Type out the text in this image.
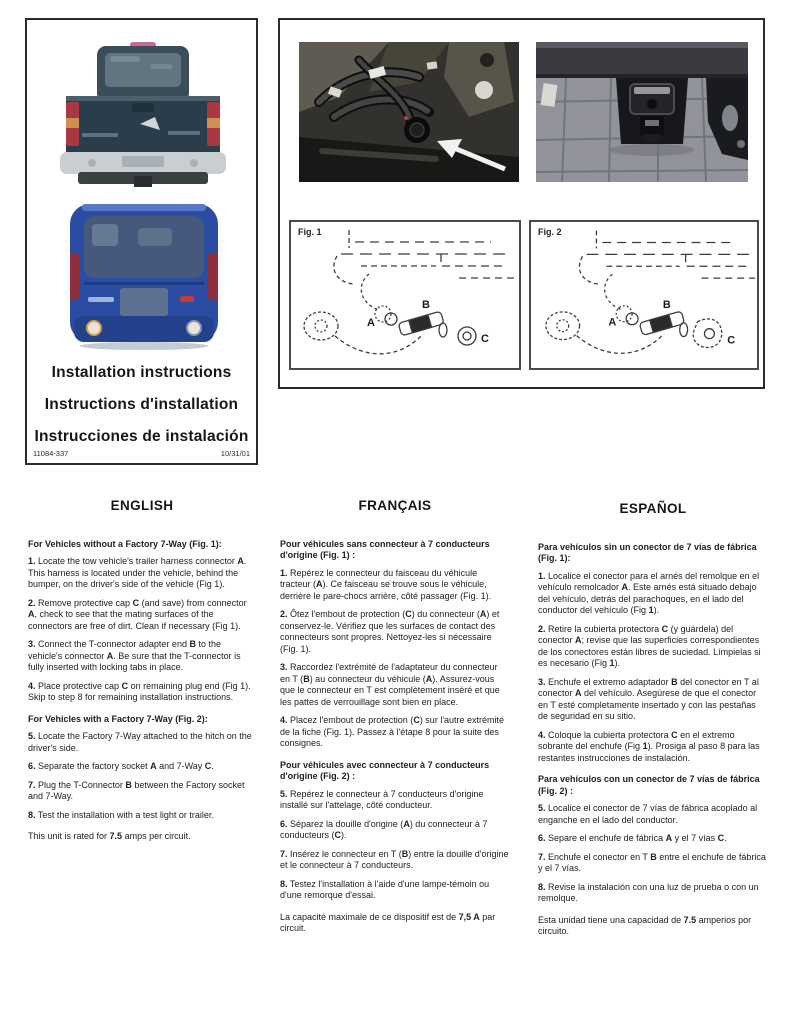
Installation instructions
Instructions d'installation
Instrucciones de instalación
11084-337	10/31/01
Fig. 1
A
B
C
Fig. 2
A
B
C
ENGLISH

For Vehicles without a Factory 7-Way (Fig. 1):

1. Locate the tow vehicle's trailer harness connector A. This harness is located under the vehicle, behind the bumper, on the driver's side of the vehicle (Fig 1).

2. Remove protective cap C (and save) from connector A, check to see that the mating surfaces of the connectors are free of dirt. Clean if necessary (Fig 1).

3. Connect the T-connector adapter end B to the vehicle's connector A. Be sure that the T-connector is fully inserted with locking tabs in place.

4. Place protective cap C on remaining plug end (Fig 1). Skip to step 8 for remaining installation instructions.

For Vehicles with a Factory 7-Way (Fig. 2):

5. Locate the Factory 7-Way attached to the hitch on the driver's side.

6. Separate the factory socket A and 7-Way C.

7. Plug the T-Connector B between the Factory socket and 7-Way.

8. Test the installation with a test light or trailer.

This unit is rated for 7.5 amps per circuit.

FRANÇAIS

Pour véhicules sans connecteur à 7 conducteurs d'origine (Fig. 1) :

1. Repérez le connecteur du faisceau du véhicule tracteur (A). Ce faisceau se trouve sous le véhicule, derrière le pare-chocs arrière, côté passager (Fig. 1).

2. Ôtez l'embout de protection (C) du connecteur (A) et conservez-le. Vérifiez que les surfaces de contact des connecteurs sont propres. Nettoyez-les si nécessaire (Fig. 1).

3. Raccordez l'extrémité de l'adaptateur du connecteur en T (B) au connecteur du véhicule (A). Assurez-vous que le connecteur en T est complètement inséré et que les pattes de verrouillage sont bien en place.

4. Placez l'embout de protection (C) sur l'autre extrémité de la fiche (Fig. 1). Passez à l'étape 8 pour la suite des consignes.

Pour véhicules avec connecteur à 7 conducteurs d'origine (Fig. 2) :

5. Repérez le connecteur à 7 conducteurs d'origine installé sur l'attelage, côté conducteur.

6. Séparez la douille d'origine (A) du connecteur à 7 conducteurs (C).

7. Insérez le connecteur en T (B) entre la douille d'origine et le connecteur à 7 conducteurs.

8. Testez l'installation à l'aide d'une lampe-témoin ou d'une remorque d'essai.

La capacité maximale de ce dispositif est de 7,5 A par circuit.

ESPAÑOL

Para vehículos sin un conector de 7 vías de fábrica (Fig. 1):

1. Localice el conector para el arnés del remolque en el vehículo remolcador A. Este arnés está situado debajo del vehículo, detrás del parachoques, en el lado del conductor del vehículo (Fig 1).

2. Retire la cubierta protectora C (y guárdela) del conector A; revise que las superficies correspondientes de los conectores están libres de suciedad. Límpielas si es necesario (Fig 1).

3. Enchufe el extremo adaptador B del conector en T al conector A del vehículo. Asegúrese de que el conector en T esté completamente insertado y con las pestañas de seguridad en su sitio.

4. Coloque la cubierta protectora C en el extremo sobrante del enchufe (Fig 1). Prosiga al paso 8 para las restantes instrucciones de instalación.

Para vehículos con un conector de 7 vías de fábrica (Fig. 2) :

5. Localice el conector de 7 vías de fábrica acoplado al enganche en el lado del conductor.

6. Separe el enchufe de fábrica A y el 7 vías C.

7. Enchufe el conector en T B entre el enchufe de fábrica y el 7 vías.

8. Revise la instalación con una luz de prueba o con un remolque.

Esta unidad tiene una capacidad de 7.5 amperios por circuito.
